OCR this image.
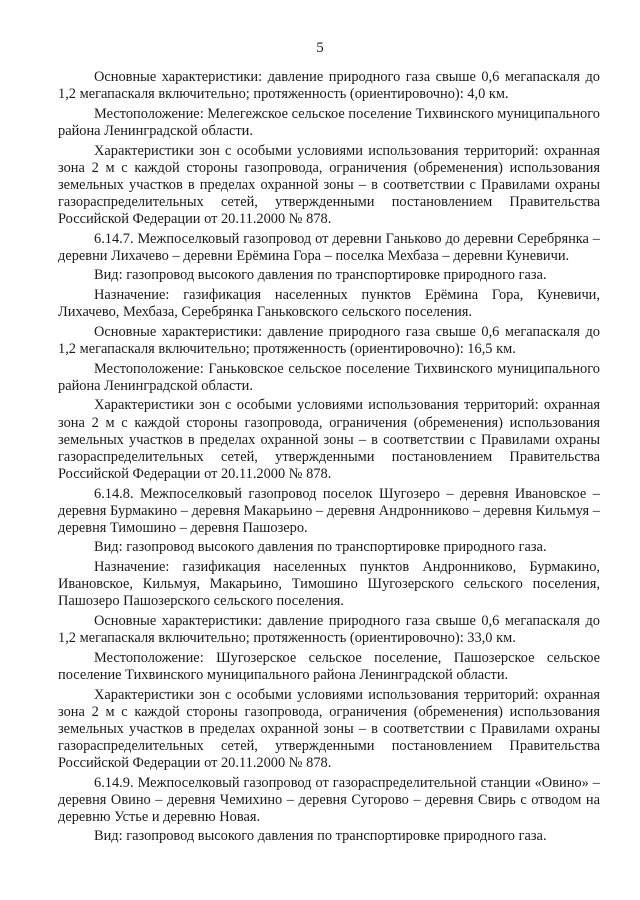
5

Основные характеристики: давление природного газа свыше 0,6 мегапаскаля до 1,2 мегапаскаля включительно; протяженность (ориентировочно): 4,0 км.

Местоположение: Мелегежское сельское поселение Тихвинского муниципального района Ленинградской области.

Характеристики зон с особыми условиями использования территорий: охранная зона 2 м с каждой стороны газопровода, ограничения (обременения) использования земельных участков в пределах охранной зоны – в соответствии с Правилами охраны газораспределительных сетей, утвержденными постановлением Правительства Российской Федерации от 20.11.2000 № 878.

6.14.7. Межпоселковый газопровод от деревни Ганьково до деревни Серебрянка – деревни Лихачево – деревни Ерёмина Гора – поселка Мехбаза – деревни Куневичи.

Вид: газопровод высокого давления по транспортировке природного газа.

Назначение: газификация населенных пунктов Ерёмина Гора, Куневичи, Лихачево, Мехбаза, Серебрянка Ганьковского сельского поселения.

Основные характеристики: давление природного газа свыше 0,6 мегапаскаля до 1,2 мегапаскаля включительно; протяженность (ориентировочно): 16,5 км.

Местоположение: Ганьковское сельское поселение Тихвинского муниципального района Ленинградской области.

Характеристики зон с особыми условиями использования территорий: охранная зона 2 м с каждой стороны газопровода, ограничения (обременения) использования земельных участков в пределах охранной зоны – в соответствии с Правилами охраны газораспределительных сетей, утвержденными постановлением Правительства Российской Федерации от 20.11.2000 № 878.

6.14.8. Межпоселковый газопровод поселок Шугозеро – деревня Ивановское – деревня Бурмакино – деревня Макарьино – деревня Андронниково – деревня Кильмуя – деревня Тимошино – деревня Пашозеро.

Вид: газопровод высокого давления по транспортировке природного газа.

Назначение: газификация населенных пунктов Андронниково, Бурмакино, Ивановское, Кильмуя, Макарьино, Тимошино Шугозерского сельского поселения, Пашозеро Пашозерского сельского поселения.

Основные характеристики: давление природного газа свыше 0,6 мегапаскаля до 1,2 мегапаскаля включительно; протяженность (ориентировочно): 33,0 км.

Местоположение: Шугозерское сельское поселение, Пашозерское сельское поселение Тихвинского муниципального района Ленинградской области.

Характеристики зон с особыми условиями использования территорий: охранная зона 2 м с каждой стороны газопровода, ограничения (обременения) использования земельных участков в пределах охранной зоны – в соответствии с Правилами охраны газораспределительных сетей, утвержденными постановлением Правительства Российской Федерации от 20.11.2000 № 878.

6.14.9. Межпоселковый газопровод от газораспределительной станции «Овино» – деревня Овино – деревня Чемихино – деревня Сугорово – деревня Свирь с отводом на деревню Устье и деревню Новая.

Вид: газопровод высокого давления по транспортировке природного газа.
